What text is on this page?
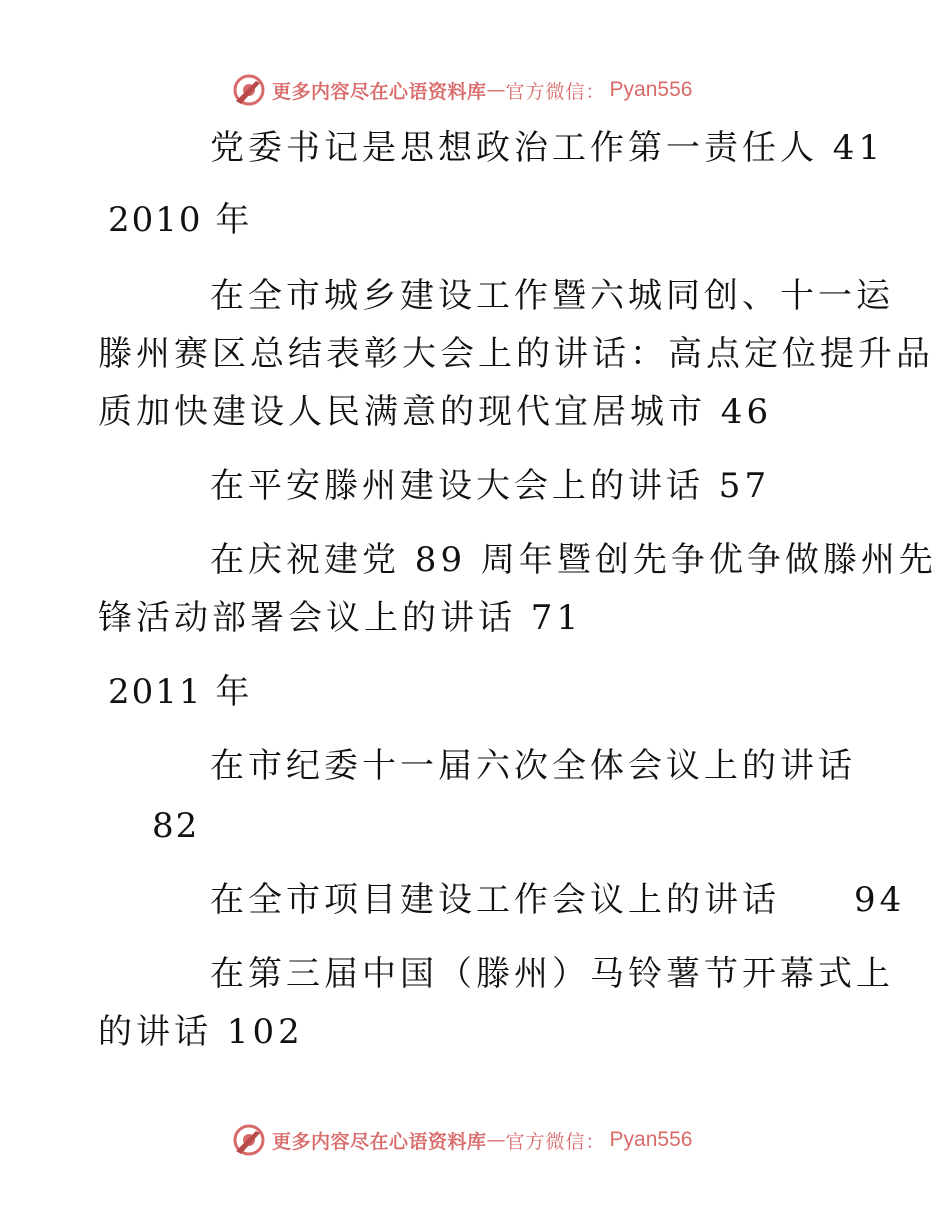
更多内容尽在心语资料库 — 官方微信： Pyan556
党委书记是思想政治工作第一责任人 41
2010 年
在全市城乡建设工作暨六城同创、十一运
滕州赛区总结表彰大会上的讲话：高点定位提升品
质加快建设人民满意的现代宜居城市 46
在平安滕州建设大会上的讲话 57
在庆祝建党 89 周年暨创先争优争做滕州先
锋活动部署会议上的讲话 71
2011 年
在市纪委十一届六次全体会议上的讲话
82
在全市项目建设工作会议上的讲话     94
在第三届中国（滕州）马铃薯节开幕式上
的讲话 102
更多内容尽在心语资料库 — 官方微信： Pyan556
